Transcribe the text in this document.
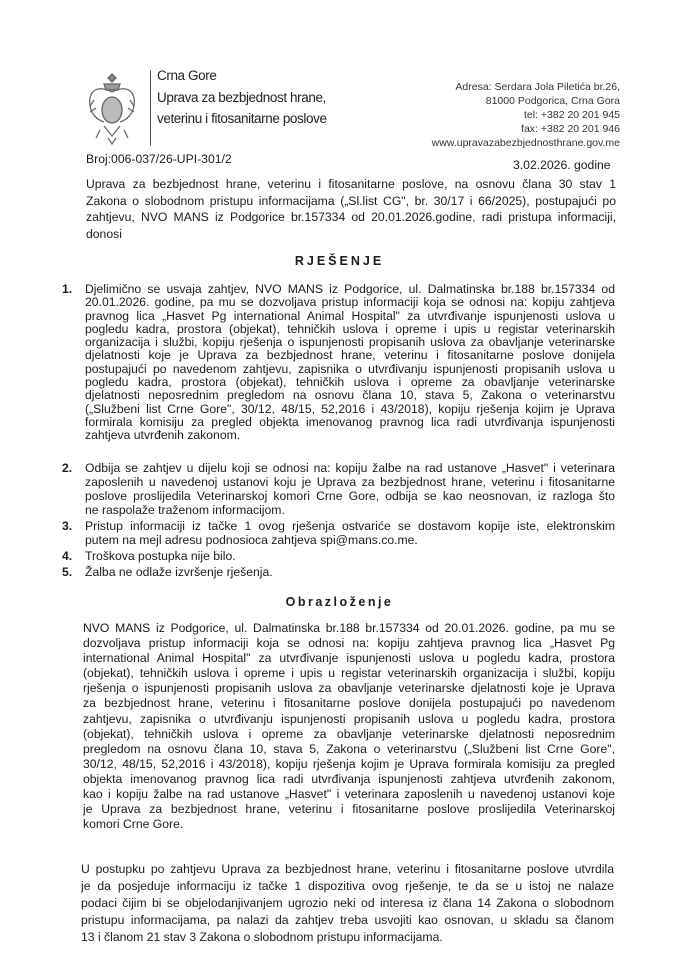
Crna Gore
Uprava za bezbjednost hrane,
veterinu i fitosanitarne poslove
Adresa: Serdara Jola Piletića br.26,
81000 Podgorica, Crna Gora
tel: +382 20 201 945
fax: +382 20 201 946
www.upravazabezbjednosthrane.gov.me
Broj:006-037/26-UPI-301/2	3.02.2026. godine
Uprava za bezbjednost hrane, veterinu i fitosanitarne poslove, na osnovu člana 30 stav 1
Zakona o slobodnom pristupu informacijama („Sl.list CG", br. 30/17 i 66/2025), postupajući po
zahtjevu, NVO MANS iz Podgorice br.157334 od 20.01.2026.godine, radi pristupa informaciji,
donosi
RJEŠENJE
1. Djelimično se usvaja zahtjev, NVO MANS iz Podgorice, ul. Dalmatinska br.188 br.157334 od
20.01.2026. godine, pa mu se dozvoljava pristup informaciji koja se odnosi na: kopiju zahtjeva
pravnog lica „Hasvet Pg international Animal Hospital" za utvrđivanje ispunjenosti uslova u
pogledu kadra, prostora (objekat), tehničkih uslova i opreme i upis u registar veterinarskih
organizacija i službi, kopiju rješenja o ispunjenosti propisanih uslova za obavljanje veterinarske
djelatnosti koje je Uprava za bezbjednost hrane, veterinu i fitosanitarne poslove donijela
postupajući po navedenom zahtjevu, zapisnika o utvrđivanju ispunjenosti propisanih uslova u
pogledu kadra, prostora (objekat), tehničkih uslova i opreme za obavljanje veterinarske
djelatnosti neposrednim pregledom na osnovu člana 10, stava 5, Zakona o veterinarstvu
(„Službeni list Crne Gore", 30/12, 48/15, 52,2016 i 43/2018), kopiju rješenja kojim je Uprava
formirala komisiju za pregled objekta imenovanog pravnog lica radi utvrđivanja ispunjenosti
zahtjeva utvrđenih zakonom.
2. Odbija se zahtjev u dijelu koji se odnosi na: kopiju žalbe na rad ustanove „Hasvet" i veterinara
zaposlenih u navedenoj ustanovi koju je Uprava za bezbjednost hrane, veterinu i fitosanitarne
poslove proslijedila Veterinarskoj komori Crne Gore, odbija se kao neosnovan, iz razloga što
ne raspolaže traženom informacijom.
3. Pristup informaciji iz tačke 1 ovog rješenja ostvariće se dostavom kopije iste, elektronskim
putem na mejl adresu podnosioca zahtjeva spi@mans.co.me.
4. Troškova postupka nije bilo.
5. Žalba ne odlaže izvršenje rješenja.
Obrazloženje
NVO MANS iz Podgorice, ul. Dalmatinska br.188 br.157334 od 20.01.2026. godine, pa mu se
dozvoljava pristup informaciji koja se odnosi na: kopiju zahtjeva pravnog lica „Hasvet Pg
international Animal Hospital" za utvrđivanje ispunjenosti uslova u pogledu kadra, prostora
(objekat), tehničkih uslova i opreme i upis u registar veterinarskih organizacija i službi, kopiju
rješenja o ispunjenosti propisanih uslova za obavljanje veterinarske djelatnosti koje je Uprava
za bezbjednost hrane, veterinu i fitosanitarne poslove donijela postupajući po navedenom
zahtjevu, zapisnika o utvrđivanju ispunjenosti propisanih uslova u pogledu kadra, prostora
(objekat), tehničkih uslova i opreme za obavljanje veterinarske djelatnosti neposrednim
pregledom na osnovu člana 10, stava 5, Zakona o veterinarstvu („Službeni list Crne Gore",
30/12, 48/15, 52,2016 i 43/2018), kopiju rješenja kojim je Uprava formirala komisiju za pregled
objekta imenovanog pravnog lica radi utvrđivanja ispunjenosti zahtjeva utvrđenih zakonom,
kao i kopiju žalbe na rad ustanove „Hasvet" i veterinara zaposlenih u navedenoj ustanovi koje
je Uprava za bezbjednost hrane, veterinu i fitosanitarne poslove proslijedila Veterinarskoj
komori Crne Gore.
U postupku po zahtjevu Uprava za bezbjednost hrane, veterinu i fitosanitarne poslove utvrdila
je da posjeduje informaciju iz tačke 1 dispozitiva ovog rješenje, te da se u istoj ne nalaze
podaci čijim bi se objelodanjivanjem ugrozio neki od interesa iz člana 14 Zakona o slobodnom
pristupu informacijama, pa nalazi da zahtjev treba usvojiti kao osnovan, u skladu sa članom
13 i članom 21 stav 3 Zakona o slobodnom pristupu informacijama.
